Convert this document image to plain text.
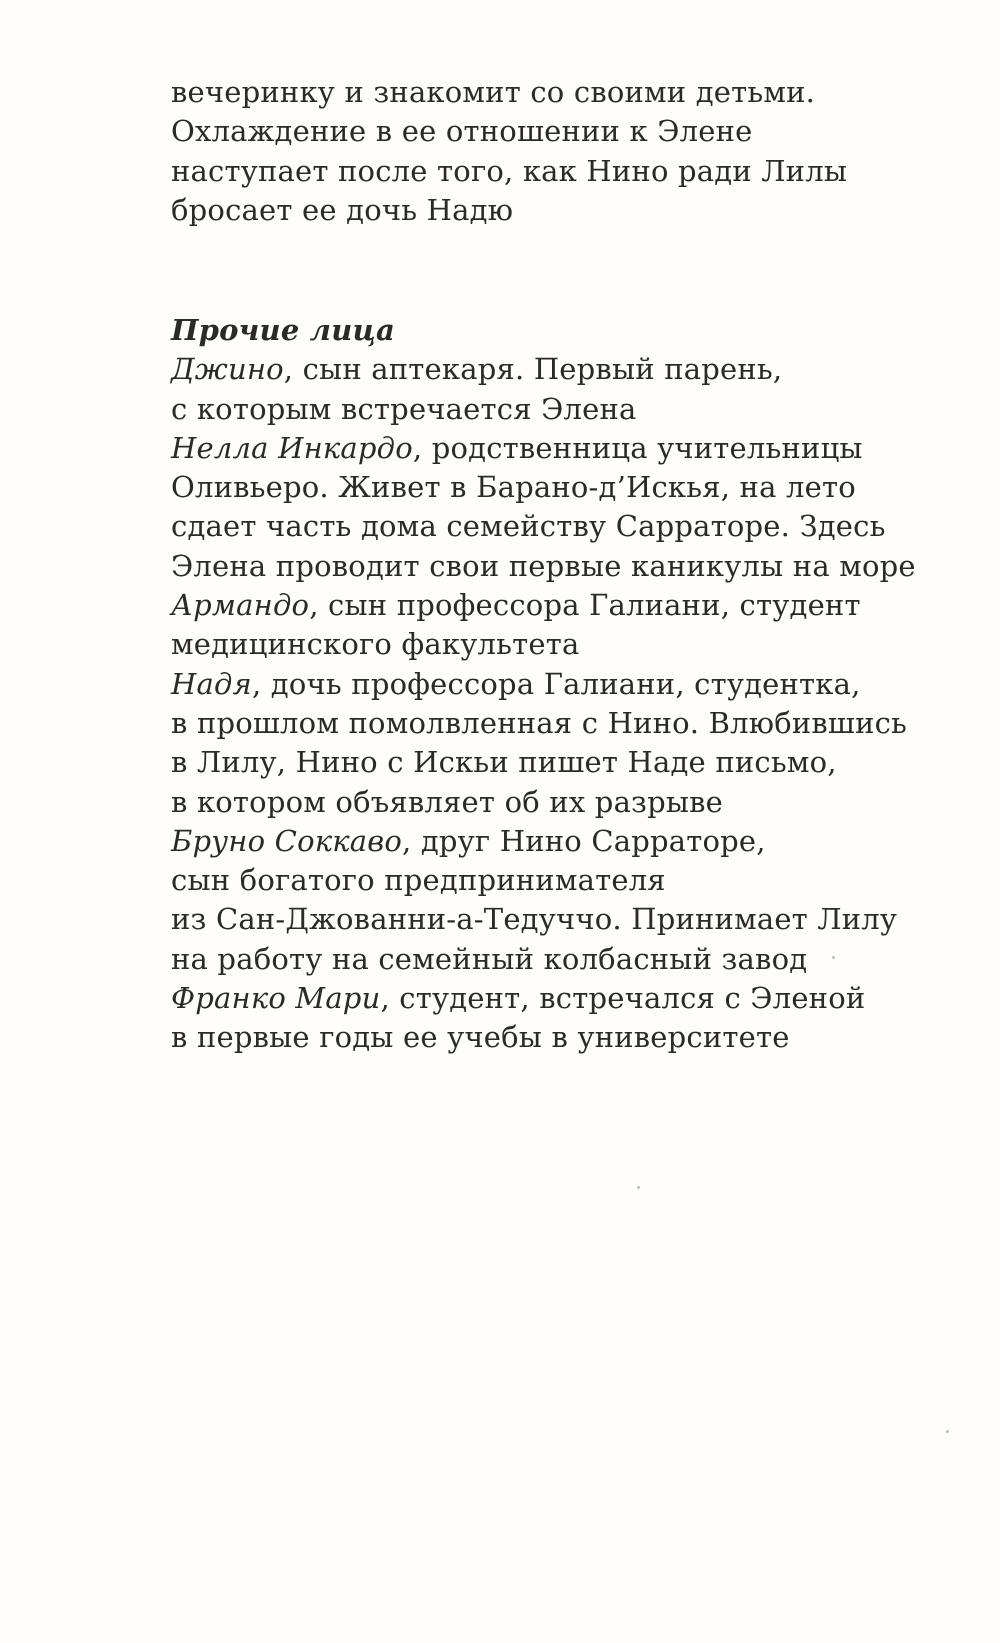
вечеринку и знакомит со своими детьми.
Охлаждение в ее отношении к Элене
наступает после того, как Нино ради Лилы
бросает ее дочь Надю
Прочие лица
Джино, сын аптекаря. Первый парень,
с которым встречается Элена
Нелла Инкардо, родственница учительницы
Оливьеро. Живет в Барано-д’Искья, на лето
сдает часть дома семейству Сарраторе. Здесь
Элена проводит свои первые каникулы на море
Армандо, сын профессора Галиани, студент
медицинского факультета
Надя, дочь профессора Галиани, студентка,
в прошлом помолвленная с Нино. Влюбившись
в Лилу, Нино с Искьи пишет Наде письмо,
в котором объявляет об их разрыве
Бруно Соккаво, друг Нино Сарраторе,
сын богатого предпринимателя
из Сан-Джованни-а-Тедуччо. Принимает Лилу
на работу на семейный колбасный завод
Франко Мари, студент, встречался с Эленой
в первые годы ее учебы в университете
